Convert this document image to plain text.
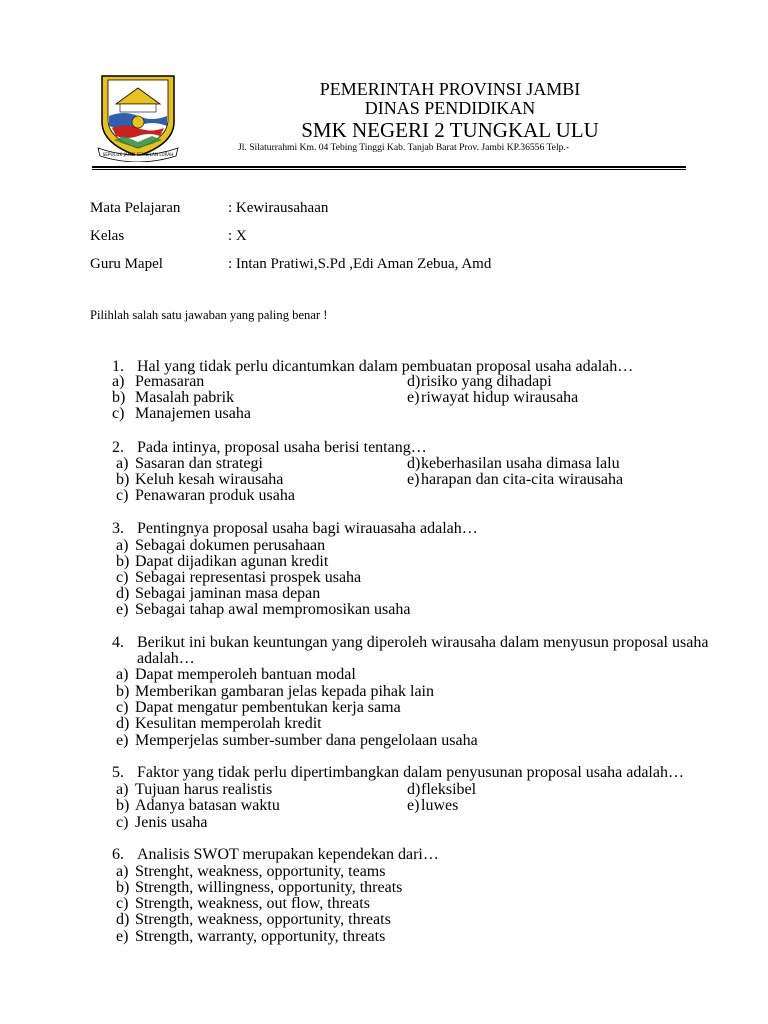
SEPUCUK JAMBI SEMBILAN LURAH
PEMERINTAH PROVINSI JAMBI
DINAS PENDIDIKAN
SMK NEGERI 2 TUNGKAL ULU
Jl. Silaturrahmi Km. 04 Tebing Tinggi Kab. Tanjab Barat Prov. Jambi KP.36556 Telp.-
Mata Pelajaran	: Kewirausahaan
Kelas	: X
Guru Mapel	: Intan Pratiwi,S.Pd ,Edi Aman Zebua, Amd
Pilihlah salah satu jawaban yang paling benar !
1. Hal yang tidak perlu dicantumkan dalam pembuatan proposal usaha adalah…
a) Pemasaran	d) risiko yang dihadapi
b) Masalah pabrik	e) riwayat hidup wirausaha
c) Manajemen usaha
2. Pada intinya, proposal usaha berisi tentang…
a) Sasaran dan strategi	d) keberhasilan usaha dimasa lalu
b) Keluh kesah wirausaha	e) harapan dan cita-cita wirausaha
c) Penawaran produk usaha
3. Pentingnya proposal usaha bagi wirauasaha adalah…
a) Sebagai dokumen perusahaan
b) Dapat dijadikan agunan kredit
c) Sebagai representasi prospek usaha
d) Sebagai jaminan masa depan
e) Sebagai tahap awal mempromosikan usaha
4. Berikut ini bukan keuntungan yang diperoleh wirausaha dalam menyusun proposal usaha
adalah…
a) Dapat memperoleh bantuan modal
b) Memberikan gambaran jelas kepada pihak lain
c) Dapat mengatur pembentukan kerja sama
d) Kesulitan memperolah kredit
e) Memperjelas sumber-sumber dana pengelolaan usaha
5. Faktor yang tidak perlu dipertimbangkan dalam penyusunan proposal usaha adalah…
a) Tujuan harus realistis	d) fleksibel
b) Adanya batasan waktu	e) luwes
c) Jenis usaha
6. Analisis SWOT merupakan kependekan dari…
a) Strenght, weakness, opportunity, teams
b) Strength, willingness, opportunity, threats
c) Strength, weakness, out flow, threats
d) Strength, weakness, opportunity, threats
e) Strength, warranty, opportunity, threats
